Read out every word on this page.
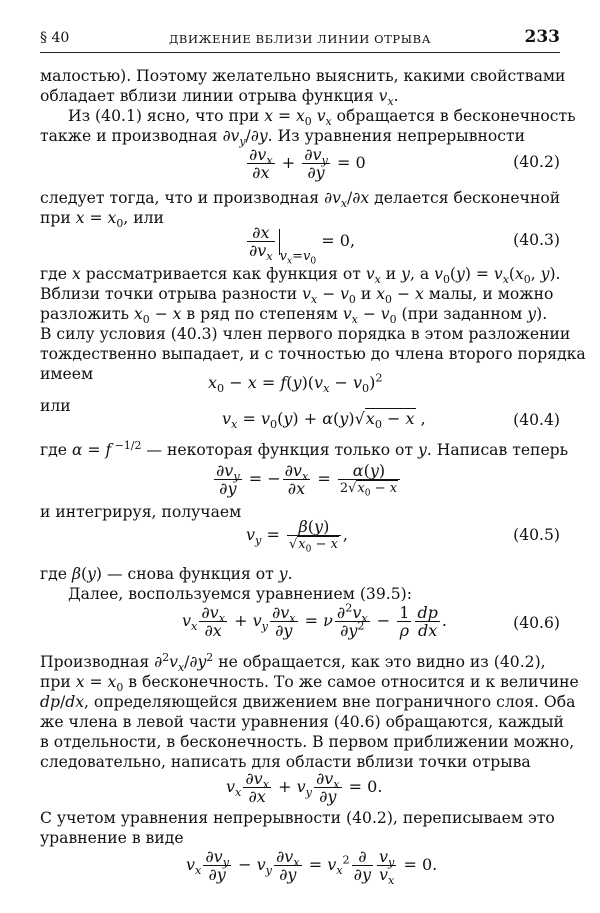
§ 40	ДВИЖЕНИЕ ВБЛИЗИ ЛИНИИ ОТРЫВА	233
малостью). Поэтому желательно выяснить, какими свойствами
обладает вблизи линии отрыва функция $v_x$.
Из (40.1) ясно, что при $x = x_0$ $v_x$ обращается в бесконечность
также и производная $\partial v_y/\partial y$. Из уравнения непрерывности
$\frac{\partial v_x}{\partial x} + \frac{\partial v_y}{\partial y} = 0$	(40.2)
следует тогда, что и производная $\partial v_x/\partial x$ делается бесконечной
при $x = x_0$, или
$\frac{\partial x}{\partial v_x} _{v_x=v_0} = 0$,	(40.3)
где x рассматривается как функция от $v_x$ и y, а $v_0(y) = v_x(x_0$, y).
Вблизи точки отрыва разности $v_x - v_0$ и $x_0 - x$ малы, и можно
разложить $x_0 - x$ в ряд по степеням $v_x - v_0$ (при заданном y).
В силу условия (40.3) член первого порядка в этом разложении
тождественно выпадает, и с точностью до члена второго порядка
имеем	$x_0 - x = f(y)(v_x - v_0)^2$
или
$v_x = v_0(y) + \alpha(y)√x_0 - x$ ,	(40.4)
где α = f $^{-1/2}$ — некоторая функция только от y. Написав теперь
$\frac{\partial v_y}{\partial y}$ = − $\frac{\partial v_x}{\partial x}$ =	α(y)
$2√x_0 - x$
и интегрируя, получаем
$v_y = \beta(y)$
$√x_0 - x$
,	(40.5)
где β(y) — снова функция от y.
Далее, воспользуемся уравнением (39.5):
$v_x \frac{\partial v_x}{\partial x} + v_y \frac{\partial v_x}{\partial y} = \nu \frac{\partial^2v_x}{\partial y^2} - \frac{1}{\rho} \frac{dp}{dx}$ .	(40.6)
Производная $\partial^2v_x/\partial y^2$ не обращается, как это видно из (40.2),
при $x = x_0$ в бесконечность. То же самое относится и к величине
dp/dx, определяющейся движением вне пограничного слоя. Оба
же члена в левой части уравнения (40.6) обращаются, каждый
в отдельности, в бесконечность. В первом приближении можно,
следовательно, написать для области вблизи точки отрыва
$v_x \frac{\partial v_x}{\partial x} + v_y \frac{\partial v_x}{\partial y} = 0$.
С учетом уравнения непрерывности (40.2), переписываем это
уравнение в виде
$v_x \frac{\partial v_y}{\partial y} - v_y \frac{\partial v_x}{\partial y} = v_x^2$ ∂
$\partial y \frac{v_y}{v_x} = 0$.
